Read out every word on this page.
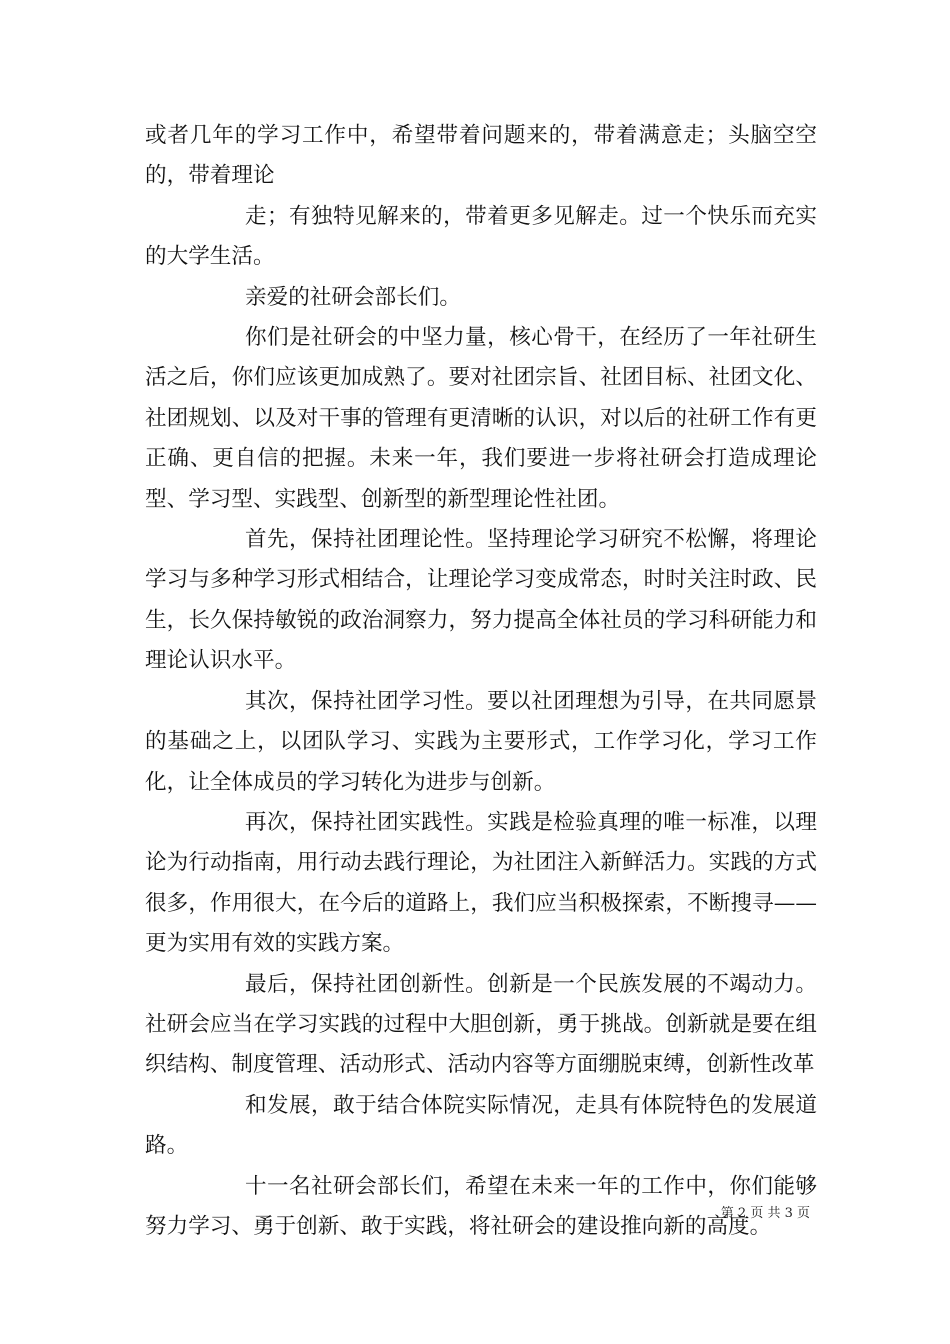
或者几年的学习工作中，希望带着问题来的，带着满意走；头脑空空的，带着理论

走；有独特见解来的，带着更多见解走。过一个快乐而充实的大学生活。

亲爱的社研会部长们。

你们是社研会的中坚力量，核心骨干，在经历了一年社研生活之后，你们应该更加成熟了。要对社团宗旨、社团目标、社团文化、社团规划、以及对干事的管理有更清晰的认识，对以后的社研工作有更正确、更自信的把握。未来一年，我们要进一步将社研会打造成理论型、学习型、实践型、创新型的新型理论性社团。

首先，保持社团理论性。坚持理论学习研究不松懈，将理论学习与多种学习形式相结合，让理论学习变成常态，时时关注时政、民生，长久保持敏锐的政治洞察力，努力提高全体社员的学习科研能力和理论认识水平。

其次，保持社团学习性。要以社团理想为引导，在共同愿景的基础之上，以团队学习、实践为主要形式，工作学习化，学习工作化，让全体成员的学习转化为进步与创新。

再次，保持社团实践性。实践是检验真理的唯一标准，以理论为行动指南，用行动去践行理论，为社团注入新鲜活力。实践的方式很多，作用很大，在今后的道路上，我们应当积极探索，不断搜寻——更为实用有效的实践方案。

最后，保持社团创新性。创新是一个民族发展的不竭动力。社研会应当在学习实践的过程中大胆创新，勇于挑战。创新就是要在组织结构、制度管理、活动形式、活动内容等方面绷脱束缚，创新性改革

和发展，敢于结合体院实际情况，走具有体院特色的发展道路。

十一名社研会部长们，希望在未来一年的工作中，你们能够努力学习、勇于创新、敢于实践，将社研会的建设推向新的高度。

第 2 页 共 3 页
